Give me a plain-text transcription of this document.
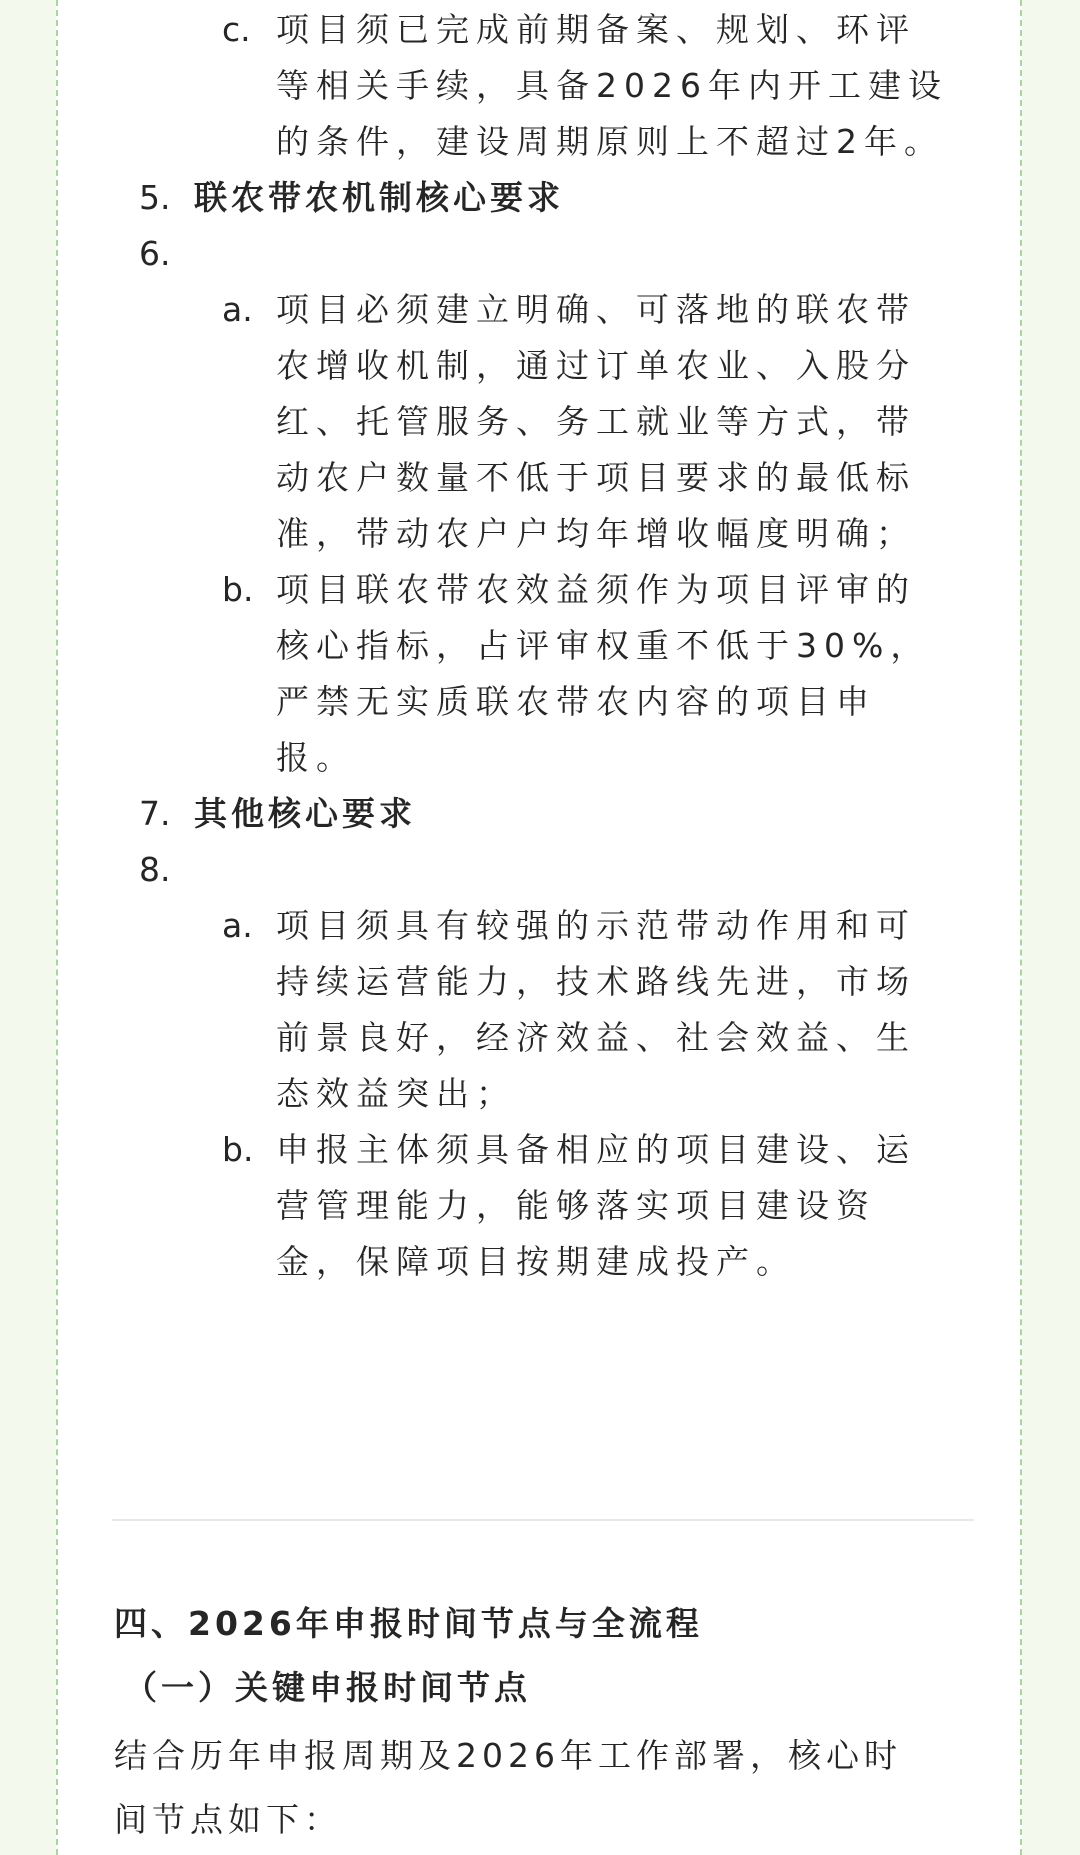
c. 项目须已完成前期备案、规划、环评
等相关手续，具备2026年内开工建设
的条件，建设周期原则上不超过2年。
5. 联农带农机制核心要求
6.
a. 项目必须建立明确、可落地的联农带
农增收机制，通过订单农业、入股分
红、托管服务、务工就业等方式，带
动农户数量不低于项目要求的最低标
准，带动农户户均年增收幅度明确；
b. 项目联农带农效益须作为项目评审的
核心指标，占评审权重不低于30%，
严禁无实质联农带农内容的项目申
报。
7. 其他核心要求
8.
a. 项目须具有较强的示范带动作用和可
持续运营能力，技术路线先进，市场
前景良好，经济效益、社会效益、生
态效益突出；
b. 申报主体须具备相应的项目建设、运
营管理能力，能够落实项目建设资
金，保障项目按期建成投产。
四、2026年申报时间节点与全流程
（一）关键申报时间节点
结合历年申报周期及2026年工作部署，核心时
间节点如下：
